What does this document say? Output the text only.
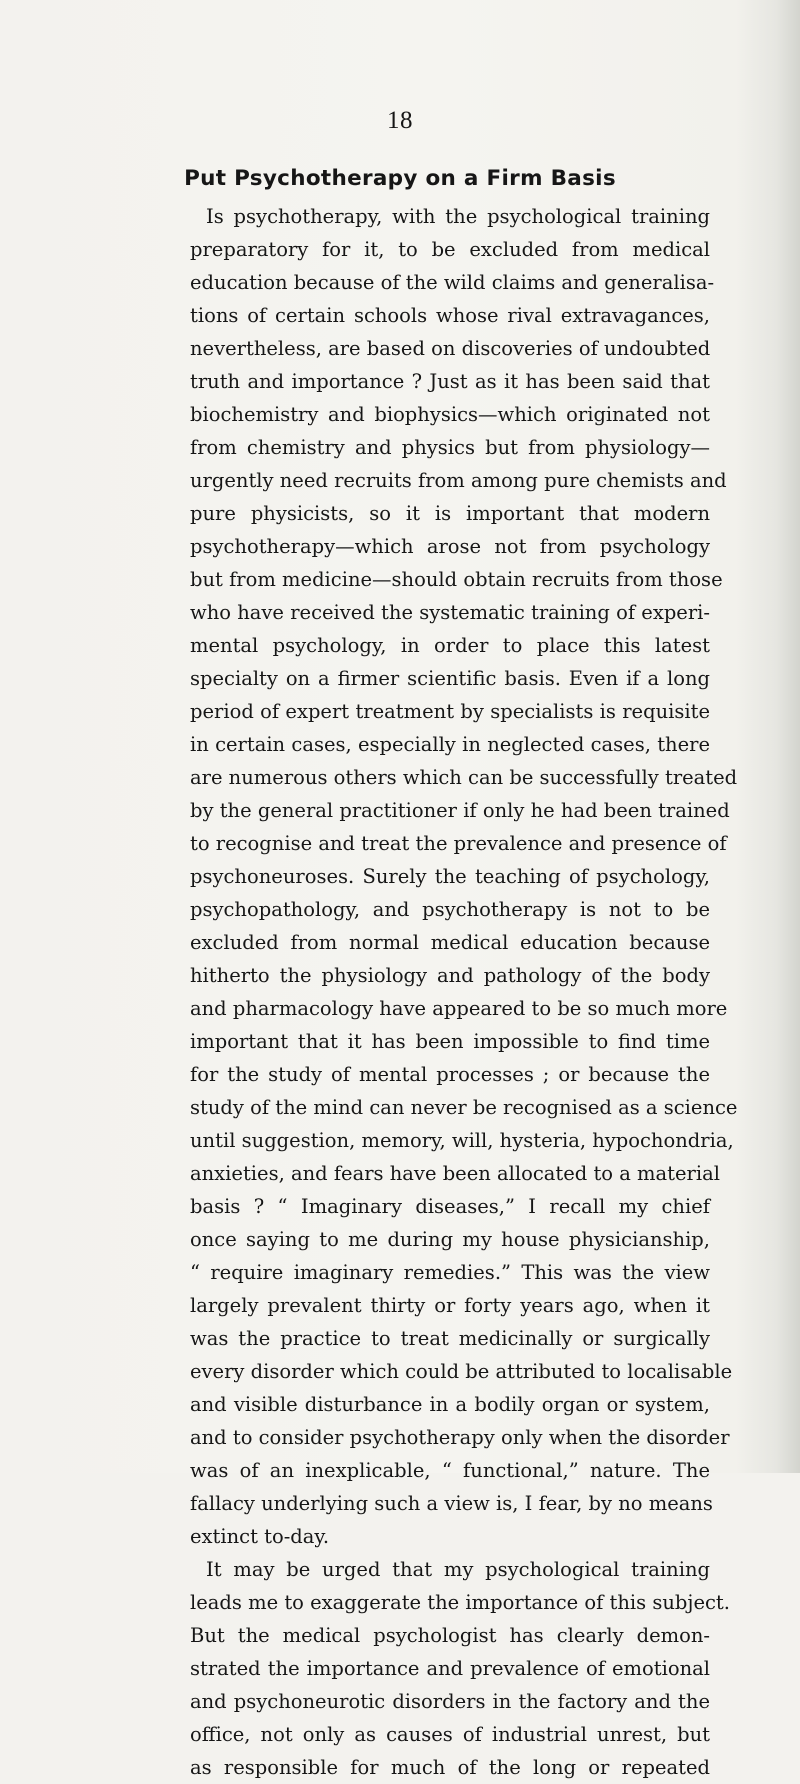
18
Put Psychotherapy on a Firm Basis
Is psychotherapy, with the psychological training
preparatory for it, to be excluded from medical
education because of the wild claims and generalisa-
tions of certain schools whose rival extravagances,
nevertheless, are based on discoveries of undoubted
truth and importance ? Just as it has been said that
biochemistry and biophysics—which originated not
from chemistry and physics but from physiology—
urgently need recruits from among pure chemists and
pure physicists, so it is important that modern
psychotherapy—which arose not from psychology
but from medicine—should obtain recruits from those
who have received the systematic training of experi-
mental psychology, in order to place this latest
specialty on a firmer scientific basis. Even if a long
period of expert treatment by specialists is requisite
in certain cases, especially in neglected cases, there
are numerous others which can be successfully treated
by the general practitioner if only he had been trained
to recognise and treat the prevalence and presence of
psychoneuroses. Surely the teaching of psychology,
psychopathology, and psychotherapy is not to be
excluded from normal medical education because
hitherto the physiology and pathology of the body
and pharmacology have appeared to be so much more
important that it has been impossible to find time
for the study of mental processes ; or because the
study of the mind can never be recognised as a science
until suggestion, memory, will, hysteria, hypochondria,
anxieties, and fears have been allocated to a material
basis ? “ Imaginary diseases,” I recall my chief
once saying to me during my house physicianship,
“ require imaginary remedies.” This was the view
largely prevalent thirty or forty years ago, when it
was the practice to treat medicinally or surgically
every disorder which could be attributed to localisable
and visible disturbance in a bodily organ or system,
and to consider psychotherapy only when the disorder
was of an inexplicable, “ functional,” nature. The
fallacy underlying such a view is, I fear, by no means
extinct to-day.
It may be urged that my psychological training
leads me to exaggerate the importance of this subject.
But the medical psychologist has clearly demon-
strated the importance and prevalence of emotional
and psychoneurotic disorders in the factory and the
office, not only as causes of industrial unrest, but
as responsible for much of the long or repeated
